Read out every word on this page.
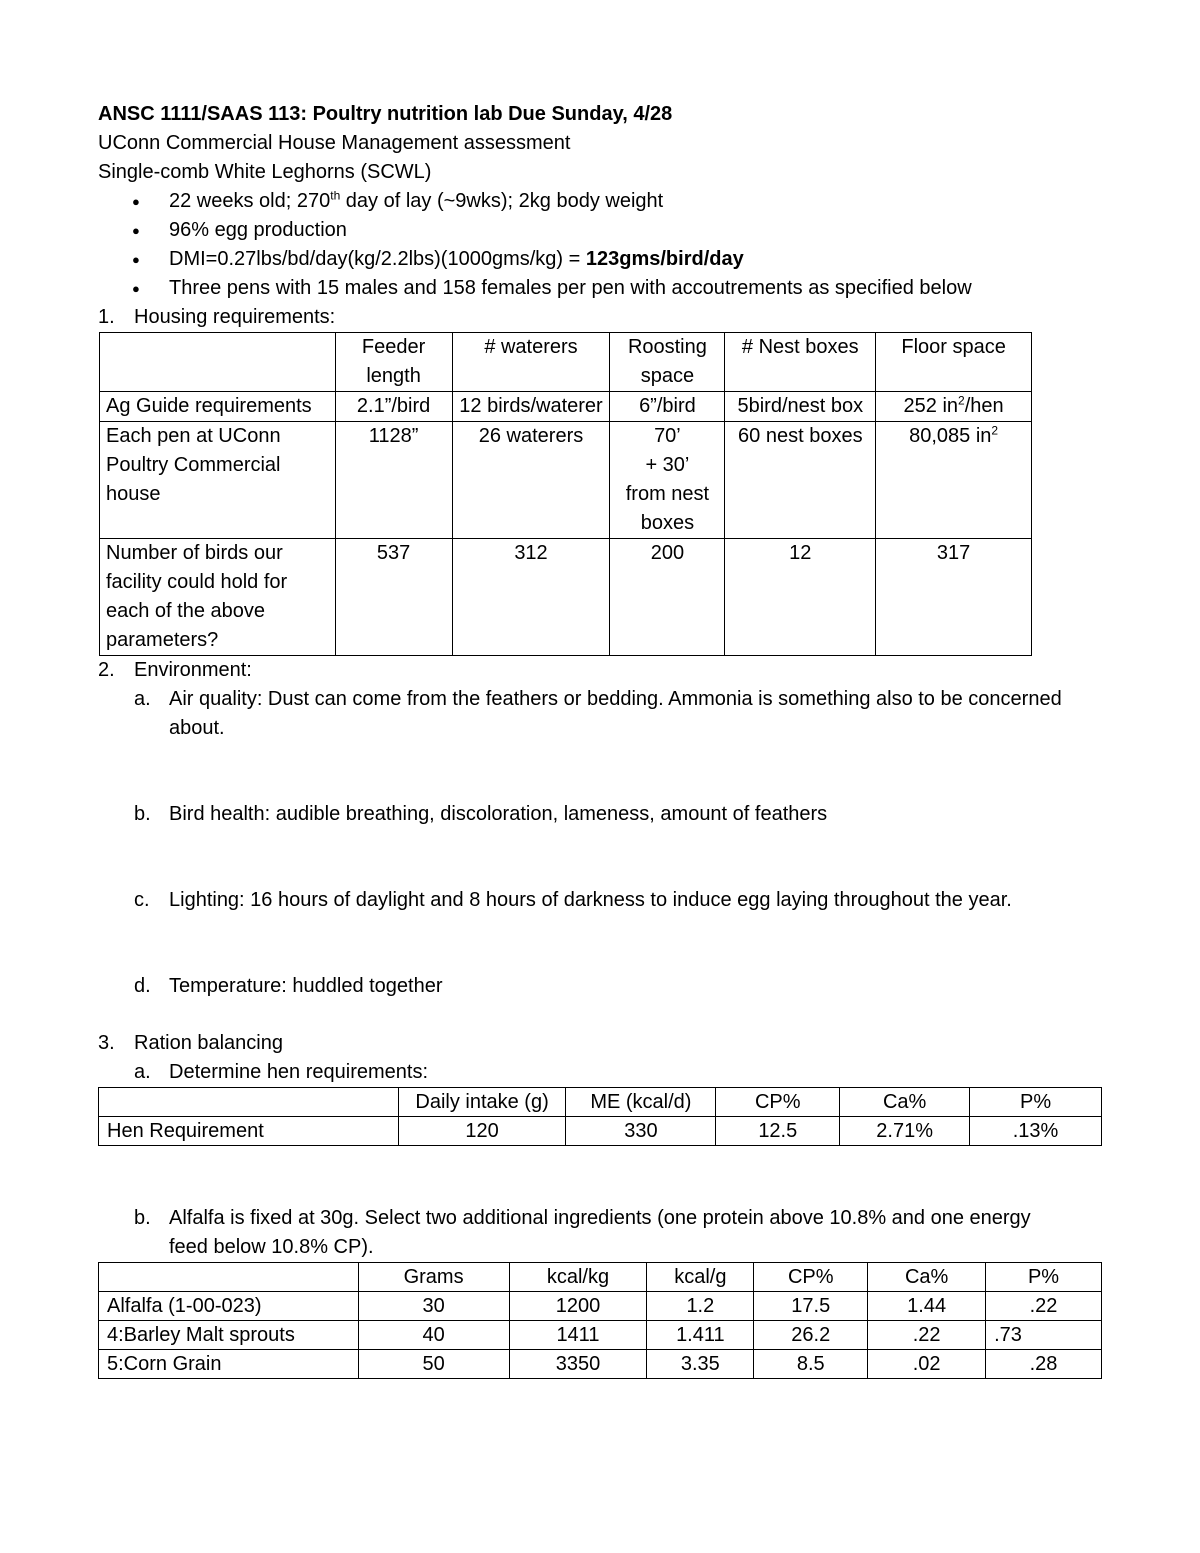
ANSC 1111/SAAS 113: Poultry nutrition lab Due Sunday, 4/28
UConn Commercial House Management assessment
Single-comb White Leghorns (SCWL)
● 22 weeks old; 270th day of lay (~9wks); 2kg body weight
● 96% egg production
● DMI=0.27lbs/bd/day(kg/2.2lbs)(1000gms/kg) = 123gms/bird/day
● Three pens with 15 males and 158 females per pen with accoutrements as specified below
1. Housing requirements:
	Feeder length	# waterers	Roosting space	# Nest boxes	Floor space
Ag Guide requirements	2.1”/bird	12 birds/waterer	6”/bird	5bird/nest box	252 $in^2$/hen
Each pen at UConn Poultry Commercial house	1128”	26 waterers	70’
+ 30’
from nest boxes	60 nest boxes	80,085 $in^2$
Number of birds our facility could hold for each of the above parameters?	537	312	200	12	317
2. Environment:
a. Air quality: Dust can come from the feathers or bedding. Ammonia is something also to be concerned about.
b. Bird health: audible breathing, discoloration, lameness, amount of feathers
c. Lighting: 16 hours of daylight and 8 hours of darkness to induce egg laying throughout the year.
d. Temperature: huddled together
3. Ration balancing
a. Determine hen requirements:
	Daily intake (g)	ME (kcal/d)	CP%	Ca%	P%
Hen Requirement	120	330	12.5	2.71%	.13%
b. Alfalfa is fixed at 30g. Select two additional ingredients (one protein above 10.8% and one energy feed below 10.8% CP).
	Grams	kcal/kg	kcal/g	CP%	Ca%	P%
Alfalfa (1-00-023)	30	1200	1.2	17.5	1.44	.22
4:Barley Malt sprouts	40	1411	1.411	26.2	.22	.73
5:Corn Grain	50	3350	3.35	8.5	.02	.28
